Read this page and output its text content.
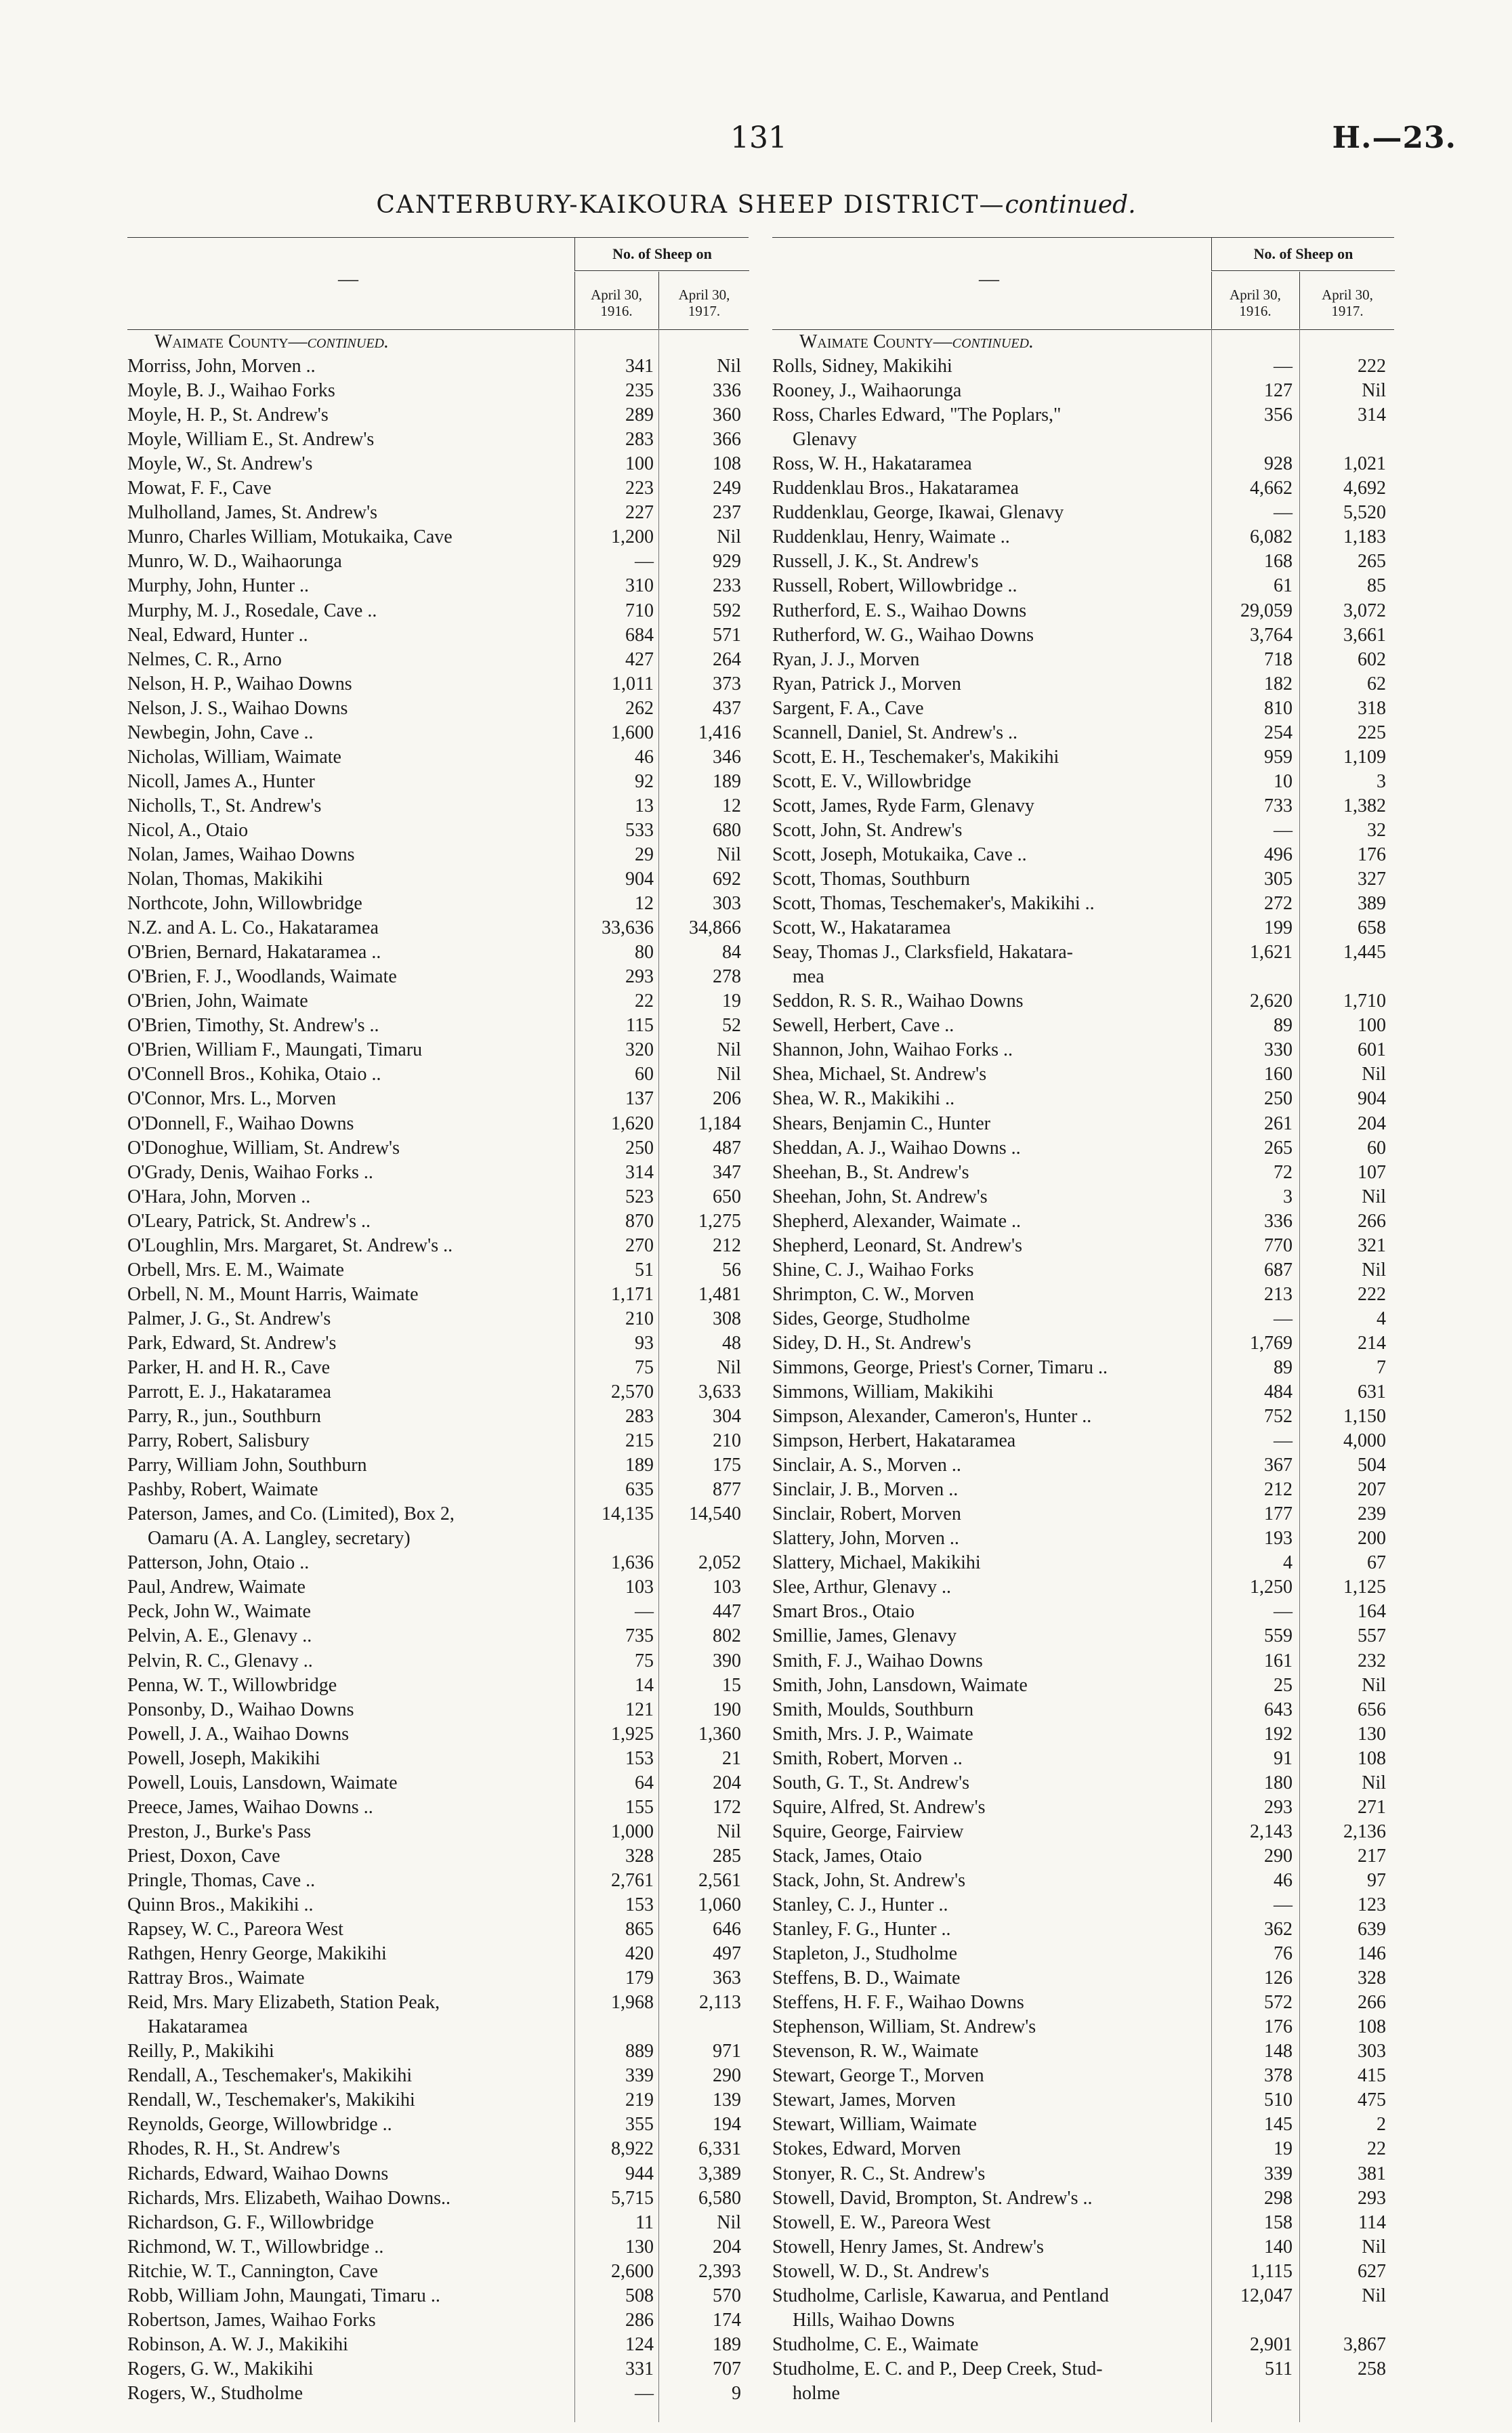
131	H.—23.
CANTERBURY-KAIKOURA SHEEP DISTRICT—continued.
—
No. of Sheep on
April 30,
1916.
April 30,
1917.
Waimate County—continued.
Morriss, John, Morven ..	341	Nil
Moyle, B. J., Waihao Forks	235	336
Moyle, H. P., St. Andrew's	289	360
Moyle, William E., St. Andrew's	283	366
Moyle, W., St. Andrew's	100	108
Mowat, F. F., Cave	223	249
Mulholland, James, St. Andrew's	227	237
Munro, Charles William, Motukaika, Cave	1,200	Nil
Munro, W. D., Waihaorunga	—	929
Murphy, John, Hunter ..	310	233
Murphy, M. J., Rosedale, Cave ..	710	592
Neal, Edward, Hunter ..	684	571
Nelmes, C. R., Arno	427	264
Nelson, H. P., Waihao Downs	1,011	373
Nelson, J. S., Waihao Downs	262	437
Newbegin, John, Cave ..	1,600	1,416
Nicholas, William, Waimate	46	346
Nicoll, James A., Hunter	92	189
Nicholls, T., St. Andrew's	13	12
Nicol, A., Otaio	533	680
Nolan, James, Waihao Downs	29	Nil
Nolan, Thomas, Makikihi	904	692
Northcote, John, Willowbridge	12	303
N.Z. and A. L. Co., Hakataramea	33,636	34,866
O'Brien, Bernard, Hakataramea ..	80	84
O'Brien, F. J., Woodlands, Waimate	293	278
O'Brien, John, Waimate	22	19
O'Brien, Timothy, St. Andrew's ..	115	52
O'Brien, William F., Maungati, Timaru	320	Nil
O'Connell Bros., Kohika, Otaio ..	60	Nil
O'Connor, Mrs. L., Morven	137	206
O'Donnell, F., Waihao Downs	1,620	1,184
O'Donoghue, William, St. Andrew's	250	487
O'Grady, Denis, Waihao Forks ..	314	347
O'Hara, John, Morven ..	523	650
O'Leary, Patrick, St. Andrew's ..	870	1,275
O'Loughlin, Mrs. Margaret, St. Andrew's ..	270	212
Orbell, Mrs. E. M., Waimate	51	56
Orbell, N. M., Mount Harris, Waimate	1,171	1,481
Palmer, J. G., St. Andrew's	210	308
Park, Edward, St. Andrew's	93	48
Parker, H. and H. R., Cave	75	Nil
Parrott, E. J., Hakataramea	2,570	3,633
Parry, R., jun., Southburn	283	304
Parry, Robert, Salisbury	215	210
Parry, William John, Southburn	189	175
Pashby, Robert, Waimate	635	877
Paterson, James, and Co. (Limited), Box 2,	14,135	14,540
Oamaru (A. A. Langley, secretary)
Patterson, John, Otaio ..	1,636	2,052
Paul, Andrew, Waimate	103	103
Peck, John W., Waimate	—	447
Pelvin, A. E., Glenavy ..	735	802
Pelvin, R. C., Glenavy ..	75	390
Penna, W. T., Willowbridge	14	15
Ponsonby, D., Waihao Downs	121	190
Powell, J. A., Waihao Downs	1,925	1,360
Powell, Joseph, Makikihi	153	21
Powell, Louis, Lansdown, Waimate	64	204
Preece, James, Waihao Downs ..	155	172
Preston, J., Burke's Pass	1,000	Nil
Priest, Doxon, Cave	328	285
Pringle, Thomas, Cave ..	2,761	2,561
Quinn Bros., Makikihi ..	153	1,060
Rapsey, W. C., Pareora West	865	646
Rathgen, Henry George, Makikihi	420	497
Rattray Bros., Waimate	179	363
Reid, Mrs. Mary Elizabeth, Station Peak,	1,968	2,113
Hakataramea
Reilly, P., Makikihi	889	971
Rendall, A., Teschemaker's, Makikihi	339	290
Rendall, W., Teschemaker's, Makikihi	219	139
Reynolds, George, Willowbridge ..	355	194
Rhodes, R. H., St. Andrew's	8,922	6,331
Richards, Edward, Waihao Downs	944	3,389
Richards, Mrs. Elizabeth, Waihao Downs..	5,715	6,580
Richardson, G. F., Willowbridge	11	Nil
Richmond, W. T., Willowbridge ..	130	204
Ritchie, W. T., Cannington, Cave	2,600	2,393
Robb, William John, Maungati, Timaru ..	508	570
Robertson, James, Waihao Forks	286	174
Robinson, A. W. J., Makikihi	124	189
Rogers, G. W., Makikihi	331	707
Rogers, W., Studholme	—	9
—
No. of Sheep on
April 30,
1916.
April 30,
1917.
Waimate County—continued.
Rolls, Sidney, Makikihi	—	222
Rooney, J., Waihaorunga	127	Nil
Ross, Charles Edward, "The Poplars,"	356	314
Glenavy
Ross, W. H., Hakataramea	928	1,021
Ruddenklau Bros., Hakataramea	4,662	4,692
Ruddenklau, George, Ikawai, Glenavy	—	5,520
Ruddenklau, Henry, Waimate ..	6,082	1,183
Russell, J. K., St. Andrew's	168	265
Russell, Robert, Willowbridge ..	61	85
Rutherford, E. S., Waihao Downs	29,059	3,072
Rutherford, W. G., Waihao Downs	3,764	3,661
Ryan, J. J., Morven	718	602
Ryan, Patrick J., Morven	182	62
Sargent, F. A., Cave	810	318
Scannell, Daniel, St. Andrew's ..	254	225
Scott, E. H., Teschemaker's, Makikihi	959	1,109
Scott, E. V., Willowbridge	10	3
Scott, James, Ryde Farm, Glenavy	733	1,382
Scott, John, St. Andrew's	—	32
Scott, Joseph, Motukaika, Cave ..	496	176
Scott, Thomas, Southburn	305	327
Scott, Thomas, Teschemaker's, Makikihi ..	272	389
Scott, W., Hakataramea	199	658
Seay, Thomas J., Clarksfield, Hakatara-	1,621	1,445
mea
Seddon, R. S. R., Waihao Downs	2,620	1,710
Sewell, Herbert, Cave ..	89	100
Shannon, John, Waihao Forks ..	330	601
Shea, Michael, St. Andrew's	160	Nil
Shea, W. R., Makikihi ..	250	904
Shears, Benjamin C., Hunter	261	204
Sheddan, A. J., Waihao Downs ..	265	60
Sheehan, B., St. Andrew's	72	107
Sheehan, John, St. Andrew's	3	Nil
Shepherd, Alexander, Waimate ..	336	266
Shepherd, Leonard, St. Andrew's	770	321
Shine, C. J., Waihao Forks	687	Nil
Shrimpton, C. W., Morven	213	222
Sides, George, Studholme	—	4
Sidey, D. H., St. Andrew's	1,769	214
Simmons, George, Priest's Corner, Timaru ..	89	7
Simmons, William, Makikihi	484	631
Simpson, Alexander, Cameron's, Hunter ..	752	1,150
Simpson, Herbert, Hakataramea	—	4,000
Sinclair, A. S., Morven ..	367	504
Sinclair, J. B., Morven ..	212	207
Sinclair, Robert, Morven	177	239
Slattery, John, Morven ..	193	200
Slattery, Michael, Makikihi	4	67
Slee, Arthur, Glenavy ..	1,250	1,125
Smart Bros., Otaio	—	164
Smillie, James, Glenavy	559	557
Smith, F. J., Waihao Downs	161	232
Smith, John, Lansdown, Waimate	25	Nil
Smith, Moulds, Southburn	643	656
Smith, Mrs. J. P., Waimate	192	130
Smith, Robert, Morven ..	91	108
South, G. T., St. Andrew's	180	Nil
Squire, Alfred, St. Andrew's	293	271
Squire, George, Fairview	2,143	2,136
Stack, James, Otaio	290	217
Stack, John, St. Andrew's	46	97
Stanley, C. J., Hunter ..	—	123
Stanley, F. G., Hunter ..	362	639
Stapleton, J., Studholme	76	146
Steffens, B. D., Waimate	126	328
Steffens, H. F. F., Waihao Downs	572	266
Stephenson, William, St. Andrew's	176	108
Stevenson, R. W., Waimate	148	303
Stewart, George T., Morven	378	415
Stewart, James, Morven	510	475
Stewart, William, Waimate	145	2
Stokes, Edward, Morven	19	22
Stonyer, R. C., St. Andrew's	339	381
Stowell, David, Brompton, St. Andrew's ..	298	293
Stowell, E. W., Pareora West	158	114
Stowell, Henry James, St. Andrew's	140	Nil
Stowell, W. D., St. Andrew's	1,115	627
Studholme, Carlisle, Kawarua, and Pentland	12,047	Nil
Hills, Waihao Downs
Studholme, C. E., Waimate	2,901	3,867
Studholme, E. C. and P., Deep Creek, Stud-	511	258
holme
